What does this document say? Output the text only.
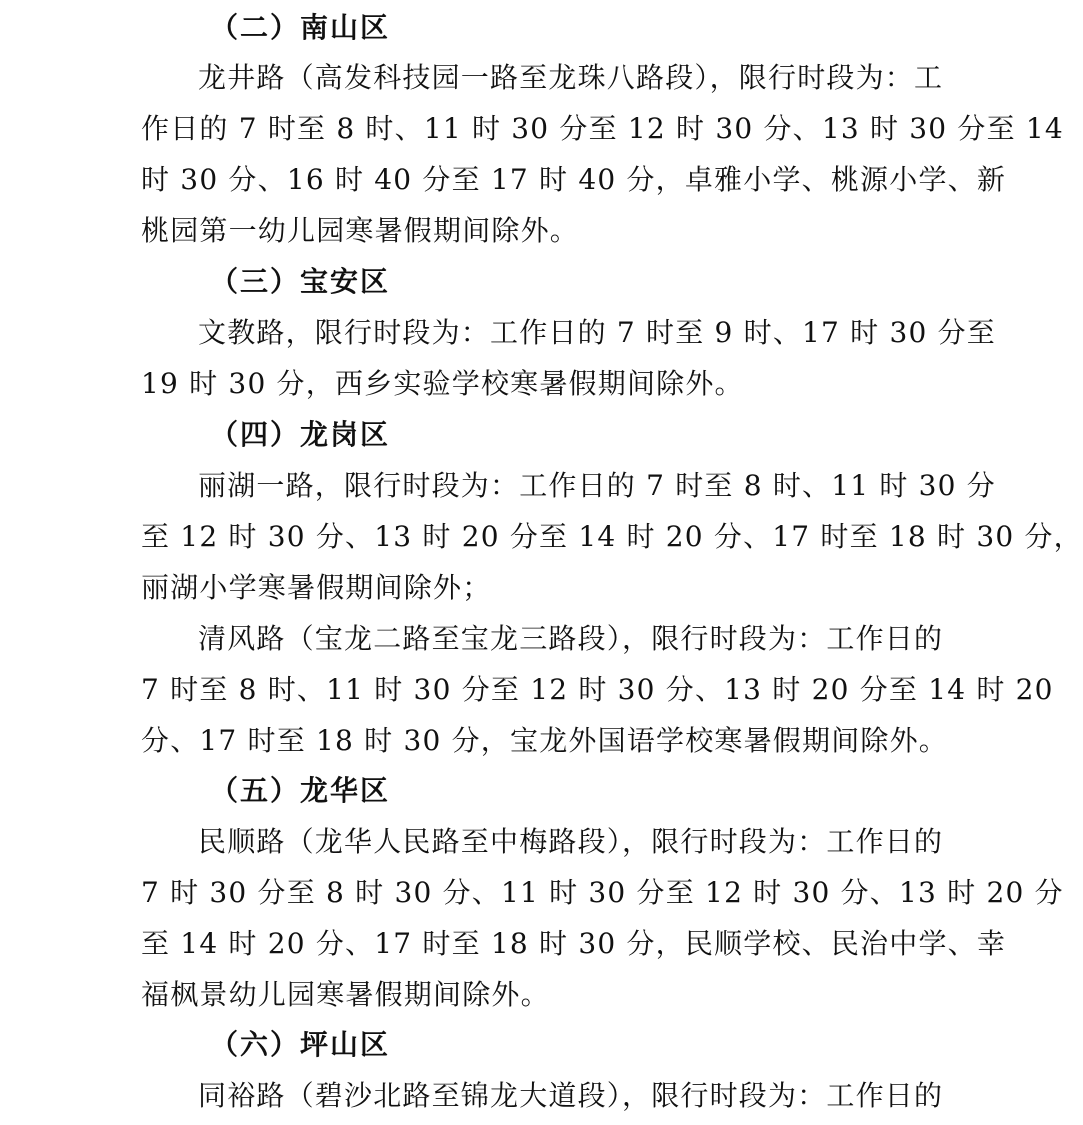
（二）南山区
龙井路（高发科技园一路至龙珠八路段），限行时段为：工
作日的 7 时至 8 时、11 时 30 分至 12 时 30 分、13 时 30 分至 14
时 30 分、16 时 40 分至 17 时 40 分，卓雅小学、桃源小学、新
桃园第一幼儿园寒暑假期间除外。
（三）宝安区
文教路，限行时段为：工作日的 7 时至 9 时、17 时 30 分至
19 时 30 分，西乡实验学校寒暑假期间除外。
（四）龙岗区
丽湖一路，限行时段为：工作日的 7 时至 8 时、11 时 30 分
至 12 时 30 分、13 时 20 分至 14 时 20 分、17 时至 18 时 30 分，
丽湖小学寒暑假期间除外；
清风路（宝龙二路至宝龙三路段），限行时段为：工作日的
7 时至 8 时、11 时 30 分至 12 时 30 分、13 时 20 分至 14 时 20
分、17 时至 18 时 30 分，宝龙外国语学校寒暑假期间除外。
（五）龙华区
民顺路（龙华人民路至中梅路段），限行时段为：工作日的
7 时 30 分至 8 时 30 分、11 时 30 分至 12 时 30 分、13 时 20 分
至 14 时 20 分、17 时至 18 时 30 分，民顺学校、民治中学、幸
福枫景幼儿园寒暑假期间除外。
（六）坪山区
同裕路（碧沙北路至锦龙大道段），限行时段为：工作日的
